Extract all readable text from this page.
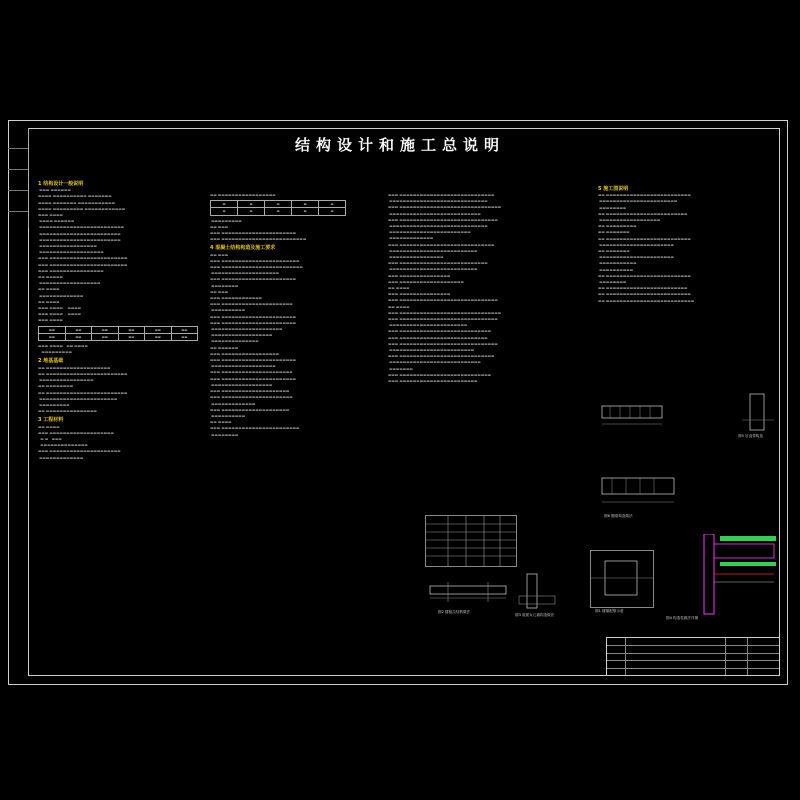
结构设计和施工总说明
1 结构设计一般说明
▬▬▬ ▬▬▬▬▬▬
▬▬▬▬ ▬▬▬▬▬▬▬▬▬▬ ▬▬▬▬▬▬▬
▬▬▬▬ ▬▬▬▬▬▬▬ ▬▬▬▬▬▬▬▬▬▬▬
▬▬▬▬ ▬▬▬▬▬▬▬▬▬ ▬▬▬▬▬▬▬▬▬▬▬▬
▬▬▬ ▬▬▬▬
▬▬▬▬ ▬▬▬▬▬▬
▬▬▬▬▬▬▬▬▬▬▬▬▬▬▬▬▬▬▬▬▬▬▬▬▬
▬▬▬▬▬▬▬▬▬▬▬▬▬▬▬▬▬▬▬▬▬▬▬▬
▬▬▬▬▬▬▬▬▬▬▬▬▬▬▬▬▬▬▬▬▬▬▬▬
▬▬▬▬▬▬▬▬▬▬▬▬▬▬▬▬▬
▬▬▬▬▬▬▬▬▬▬▬▬▬▬▬▬▬▬▬
▬▬▬ ▬▬▬▬▬▬▬▬▬▬▬▬▬▬▬▬▬▬▬▬▬▬▬
▬▬▬ ▬▬▬▬▬▬▬▬▬▬▬▬▬▬▬▬▬▬▬▬▬▬▬
▬▬▬ ▬▬▬▬▬▬▬▬▬▬▬▬▬▬▬▬
▬▬ ▬▬▬▬▬
▬▬▬▬▬▬▬▬▬▬▬▬▬▬▬▬▬▬
▬▬ ▬▬▬▬
▬▬▬▬▬▬▬▬▬▬▬▬▬
▬▬ ▬▬▬▬
▬▬▬ ▬▬▬▬    ▬▬▬▬
▬▬▬ ▬▬▬▬    ▬▬▬▬
▬▬▬ ▬▬▬▬
▬▬	▬▬	▬▬	▬▬	▬▬	▬▬
▬▬	▬▬	▬▬	▬▬	▬▬	▬▬
▬▬▬ ▬▬▬▬   ▬▬ ▬▬▬▬
▬▬▬▬▬▬▬▬▬
2 地基基础
▬▬ ▬▬▬▬▬▬▬▬▬▬▬▬▬▬▬▬▬▬▬
▬▬ ▬▬▬▬▬▬▬▬▬▬▬▬▬▬▬▬▬▬▬▬▬▬▬▬
▬▬▬▬▬▬▬▬▬▬▬▬▬▬▬▬
▬▬ ▬▬▬▬▬▬▬▬
▬▬ ▬▬▬▬▬▬▬▬▬▬▬▬▬▬▬▬▬▬▬▬▬▬▬▬
▬▬▬▬▬▬▬▬▬▬▬▬▬▬▬▬▬▬▬▬▬▬▬
▬▬▬▬▬▬▬▬▬
▬▬ ▬▬▬▬▬▬▬▬▬▬▬▬▬▬▬
3 工程材料
▬▬ ▬▬▬▬
▬▬▬ ▬▬▬▬▬▬▬▬▬▬▬▬▬▬▬▬▬▬▬
▬ ▬   ▬▬▬
▬▬▬▬▬▬▬▬▬▬▬▬▬▬
▬▬▬ ▬▬▬▬▬▬▬▬▬▬▬▬▬▬▬▬▬▬▬▬▬
▬▬▬▬▬▬▬▬▬▬▬▬▬
▬▬ ▬▬▬▬▬▬▬▬▬▬▬▬▬▬▬▬▬
▬	▬	▬	▬	▬
▬	▬	▬	▬	▬
▬▬▬▬▬▬▬▬▬
▬▬ ▬▬▬
▬▬▬ ▬▬▬▬▬▬▬▬▬▬▬▬▬▬▬▬▬▬▬▬▬▬
▬▬▬ ▬▬▬▬▬▬▬▬▬▬▬▬▬▬▬▬▬▬▬▬▬▬▬▬▬
4 混凝土结构构造及施工要求
▬▬ ▬▬▬
▬▬▬ ▬▬▬▬▬▬▬▬▬▬▬▬▬▬▬▬▬▬▬▬▬▬▬
▬▬▬ ▬▬▬▬▬▬▬▬▬▬▬▬▬▬▬▬▬▬▬▬▬▬▬▬
▬▬▬▬▬▬▬▬▬▬▬▬▬▬▬▬▬▬▬▬
▬▬▬ ▬▬▬▬▬▬▬▬▬▬▬▬▬▬▬▬▬▬▬▬▬▬
▬▬▬▬▬▬▬▬
▬▬ ▬▬▬
▬▬▬ ▬▬▬▬▬▬▬▬▬▬▬▬
▬▬▬ ▬▬▬▬▬▬▬▬▬▬▬▬▬▬▬▬▬▬▬▬▬
▬▬▬▬▬▬▬▬▬▬
▬▬▬ ▬▬▬▬▬▬▬▬▬▬▬▬▬▬▬▬▬▬▬▬▬▬
▬▬▬ ▬▬▬▬▬▬▬▬▬▬▬▬▬▬▬▬▬▬▬▬▬▬
▬▬▬▬▬▬▬▬▬▬▬▬▬▬▬▬▬▬▬▬▬
▬▬▬▬▬▬▬▬▬▬▬▬▬▬▬▬▬▬
▬▬▬▬▬▬▬▬▬▬▬▬▬▬
▬▬ ▬▬▬▬▬▬
▬▬▬ ▬▬▬▬▬▬▬▬▬▬▬▬▬▬▬▬▬
▬▬▬ ▬▬▬▬▬▬▬▬▬▬▬▬▬▬▬▬▬▬▬▬▬▬
▬▬▬▬▬▬▬▬▬▬▬▬▬▬▬▬▬▬▬
▬▬▬ ▬▬▬▬▬▬▬▬▬▬▬▬▬▬▬▬▬▬▬▬▬
▬▬▬ ▬▬▬▬▬▬▬▬▬▬▬▬▬▬▬▬▬▬▬▬▬▬
▬▬▬▬▬▬▬▬▬▬▬▬▬▬▬▬▬▬
▬▬▬ ▬▬▬▬▬▬▬▬▬▬▬▬▬▬▬▬▬▬▬▬
▬▬▬ ▬▬▬▬▬▬▬▬▬▬▬▬▬▬▬▬▬▬▬▬▬
▬▬▬▬▬▬▬▬▬▬▬▬▬
▬▬▬ ▬▬▬▬▬▬▬▬▬▬▬▬▬▬▬▬▬▬▬▬
▬▬▬▬▬▬▬▬▬▬
▬▬ ▬▬▬▬
▬▬▬ ▬▬▬▬▬▬▬▬▬▬▬▬▬▬▬▬▬▬▬▬▬▬▬
▬▬▬▬▬▬▬▬
▬▬▬ ▬▬▬▬▬▬▬▬▬▬▬▬▬▬▬▬▬▬▬▬▬▬▬▬▬▬▬▬
▬▬▬▬▬▬▬▬▬▬▬▬▬▬▬▬▬▬▬▬▬▬▬▬▬▬▬▬▬
▬▬▬ ▬▬▬▬▬▬▬▬▬▬▬▬▬▬▬▬▬▬▬▬▬▬▬▬▬▬▬▬▬▬
▬▬▬▬▬▬▬▬▬▬▬▬▬▬▬▬▬▬▬▬▬▬▬▬▬▬▬
▬▬▬ ▬▬▬▬▬▬▬▬▬▬▬▬▬▬▬▬▬▬▬▬▬▬▬▬▬▬▬▬▬
▬▬▬▬▬▬▬▬▬▬▬▬▬▬▬▬▬▬▬▬▬▬▬▬▬▬▬▬▬
▬▬▬▬▬▬▬▬▬▬▬▬▬▬▬▬▬▬▬▬▬▬▬▬
▬▬▬▬▬▬▬▬▬▬▬▬▬
▬▬▬ ▬▬▬▬▬▬▬▬▬▬▬▬▬▬▬▬▬▬▬▬▬▬▬▬▬▬▬▬
▬▬▬▬▬▬▬▬▬▬▬▬▬▬▬▬▬▬▬▬▬▬▬▬▬▬
▬▬▬▬▬▬▬▬▬▬▬▬▬▬▬▬
▬▬▬ ▬▬▬▬▬▬▬▬▬▬▬▬▬▬▬▬▬▬▬▬▬▬▬▬▬▬
▬▬▬▬▬▬▬▬▬▬▬▬▬▬▬▬▬▬▬▬▬▬▬▬▬▬
▬▬▬ ▬▬▬▬▬▬▬▬▬▬▬▬▬▬▬
▬▬▬ ▬▬▬▬▬▬▬▬▬▬▬▬▬▬▬▬▬▬▬
▬▬ ▬▬▬▬
▬▬▬ ▬▬▬▬▬▬▬▬▬▬▬▬▬▬▬
▬▬▬ ▬▬▬▬▬▬▬▬▬▬▬▬▬▬▬▬▬▬▬▬▬▬▬▬▬▬▬▬▬
▬▬ ▬▬▬▬
▬▬▬ ▬▬▬▬▬▬▬▬▬▬▬▬▬▬▬▬▬▬▬▬▬▬▬▬▬▬▬▬▬▬
▬▬▬ ▬▬▬▬▬▬▬▬▬▬▬▬▬▬▬▬▬▬▬▬▬▬▬▬▬▬▬▬▬
▬▬▬▬▬▬▬▬▬▬▬▬▬▬▬▬▬▬▬▬▬▬▬
▬▬▬ ▬▬▬▬▬▬▬▬▬▬▬▬▬▬▬▬▬▬▬▬▬▬▬▬▬▬▬
▬▬▬ ▬▬▬▬▬▬▬▬▬▬▬▬▬▬▬▬▬▬▬▬▬▬▬▬▬▬
▬▬▬ ▬▬▬▬▬▬▬▬▬▬▬▬▬▬▬▬▬▬▬▬▬▬▬▬▬▬▬▬▬
▬▬▬▬▬▬▬▬▬▬▬▬▬▬▬▬▬▬▬▬▬▬▬▬▬
▬▬▬ ▬▬▬▬▬▬▬▬▬▬▬▬▬▬▬▬▬▬▬▬▬▬▬▬▬▬▬▬
▬▬▬▬▬▬▬▬▬▬▬▬▬▬▬▬▬▬▬▬▬▬▬▬▬▬▬
▬▬▬▬▬▬▬
▬▬▬ ▬▬▬▬▬▬▬▬▬▬▬▬▬▬▬▬▬▬▬▬▬▬▬▬▬▬▬
▬▬▬ ▬▬▬▬▬▬▬▬▬▬▬▬▬▬▬▬▬▬▬▬▬▬▬
图2 楼板拉结筋做法
图3 屋面女儿墙构造做法
5 施工图说明
▬▬ ▬▬▬▬▬▬▬▬▬▬▬▬▬▬▬▬▬▬▬▬▬▬▬▬▬
▬▬▬▬▬▬▬▬▬▬▬▬▬▬▬▬▬▬▬▬▬▬▬
▬▬▬▬▬▬▬▬
▬▬ ▬▬▬▬▬▬▬▬▬▬▬▬▬▬▬▬▬▬▬▬▬▬▬▬
▬▬▬▬▬▬▬▬▬▬▬▬▬▬▬▬▬▬
▬▬ ▬▬▬▬▬▬▬▬▬
▬▬ ▬▬▬▬▬▬▬
▬▬ ▬▬▬▬▬▬▬▬▬▬▬▬▬▬▬▬▬▬▬▬▬▬▬▬▬
▬▬▬▬▬▬▬▬▬▬▬▬▬▬▬▬▬▬▬▬▬▬
▬▬ ▬▬▬▬▬▬▬
▬▬▬▬▬▬▬▬▬▬▬▬▬▬▬▬▬▬▬▬▬▬
▬▬▬▬▬▬▬▬▬▬▬
▬▬▬▬▬▬▬▬▬▬
▬▬ ▬▬▬▬▬▬▬▬▬▬▬▬▬▬▬▬▬▬▬▬▬▬▬▬▬
▬▬▬▬▬▬▬▬
▬▬ ▬▬▬▬▬▬▬▬▬▬▬▬▬▬▬▬▬▬▬▬▬▬▬▬
▬▬ ▬▬▬▬▬▬▬▬▬▬▬▬▬▬▬▬▬▬▬▬▬▬▬▬▬
▬▬ ▬▬▬▬▬▬▬▬▬▬▬▬▬▬▬▬▬▬▬▬▬▬▬▬▬▬
图5 后浇带构造
图6 圈梁构造做法
图1 楼梯配筋示意
图4 构造柱做法详图
